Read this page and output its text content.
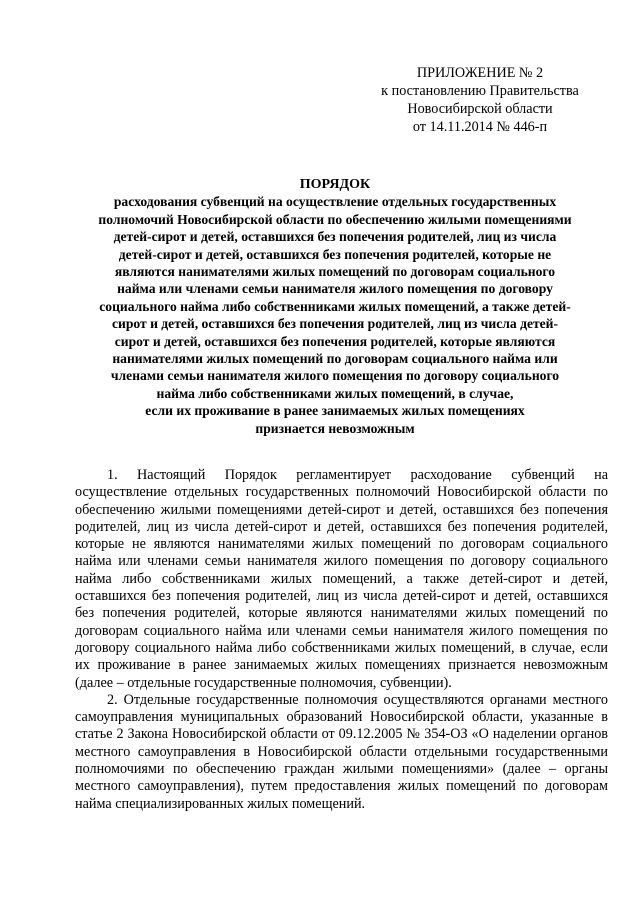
ПРИЛОЖЕНИЕ № 2
к постановлению Правительства
Новосибирской области
от 14.11.2014 № 446-п
ПОРЯДОК
расходования субвенций на осуществление отдельных государственных
полномочий Новосибирской области по обеспечению жилыми помещениями
детей-сирот и детей, оставшихся без попечения родителей, лиц из числа
детей-сирот и детей, оставшихся без попечения родителей, которые не
являются нанимателями жилых помещений по договорам социального
найма или членами семьи нанимателя жилого помещения по договору
социального найма либо собственниками жилых помещений, а также детей-
сирот и детей, оставшихся без попечения родителей, лиц из числа детей-
сирот и детей, оставшихся без попечения родителей, которые являются
нанимателями жилых помещений по договорам социального найма или
членами семьи нанимателя жилого помещения по договору социального
найма либо собственниками жилых помещений, в случае,
если их проживание в ранее занимаемых жилых помещениях
признается невозможным

1. Настоящий Порядок регламентирует расходование субвенций на осуществление отдельных государственных полномочий Новосибирской области по обеспечению жилыми помещениями детей-сирот и детей, оставшихся без попечения родителей, лиц из числа детей-сирот и детей, оставшихся без попечения родителей, которые не являются нанимателями жилых помещений по договорам социального найма или членами семьи нанимателя жилого помещения по договору социального найма либо собственниками жилых помещений, а также детей-сирот и детей, оставшихся без попечения родителей, лиц из числа детей-сирот и детей, оставшихся без попечения родителей, которые являются нанимателями жилых помещений по договорам социального найма или членами семьи нанимателя жилого помещения по договору социального найма либо собственниками жилых помещений, в случае, если их проживание в ранее занимаемых жилых помещениях признается невозможным (далее – отдельные государственные полномочия, субвенции).

2. Отдельные государственные полномочия осуществляются органами местного самоуправления муниципальных образований Новосибирской области, указанные в статье 2 Закона Новосибирской области от 09.12.2005 № 354-ОЗ «О наделении органов местного самоуправления в Новосибирской области отдельными государственными полномочиями по обеспечению граждан жилыми помещениями» (далее – органы местного самоуправления), путем предоставления жилых помещений по договорам найма специализированных жилых помещений.
